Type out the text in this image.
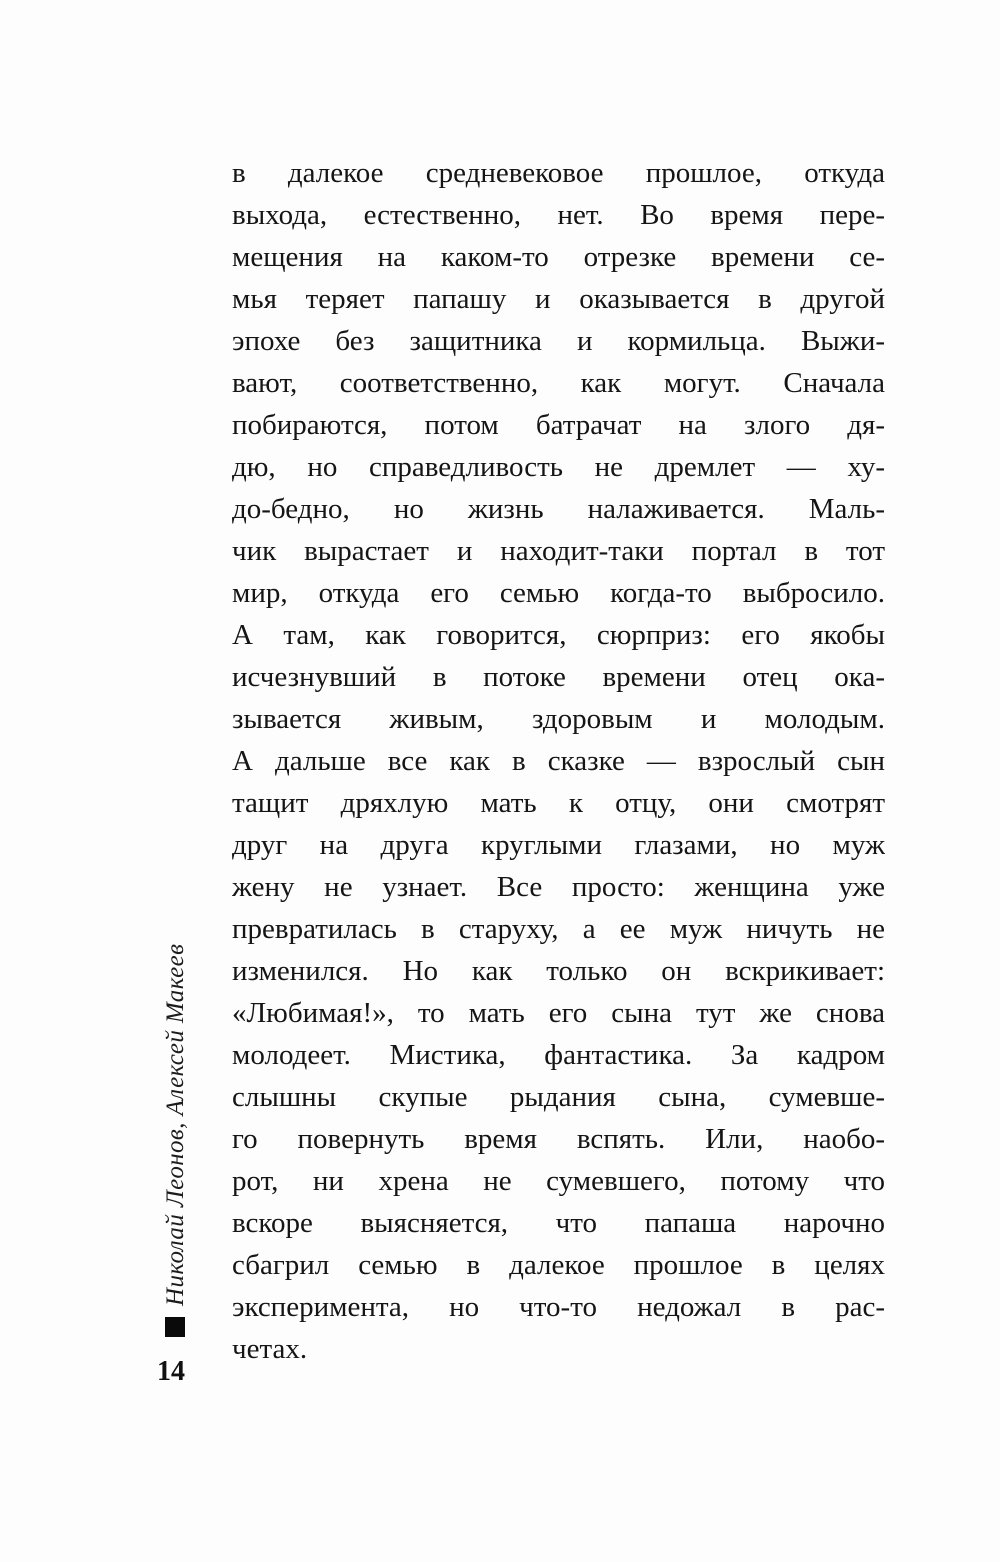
Николай Леонов, Алексей Макеев
14
в далекое средневековое прошлое, откуда
выхода, естественно, нет. Во время пере-
мещения на каком-то отрезке времени се-
мья теряет папашу и оказывается в другой
эпохе без защитника и кормильца. Выжи-
вают, соответственно, как могут. Сначала
побираются, потом батрачат на злого дя-
дю, но справедливость не дремлет — ху-
до-бедно, но жизнь налаживается. Маль-
чик вырастает и находит-таки портал в тот
мир, откуда его семью когда-то выбросило.
А там, как говорится, сюрприз: его якобы
исчезнувший в потоке времени отец ока-
зывается живым, здоровым и молодым.
А дальше все как в сказке — взрослый сын
тащит дряхлую мать к отцу, они смотрят
друг на друга круглыми глазами, но муж
жену не узнает. Все просто: женщина уже
превратилась в старуху, а ее муж ничуть не
изменился. Но как только он вскрикивает:
«Любимая!», то мать его сына тут же снова
молодеет. Мистика, фантастика. За кадром
слышны скупые рыдания сына, сумевше-
го повернуть время вспять. Или, наобо-
рот, ни хрена не сумевшего, потому что
вскоре выясняется, что папаша нарочно
сбагрил семью в далекое прошлое в целях
эксперимента, но что-то недожал в рас-
четах.
